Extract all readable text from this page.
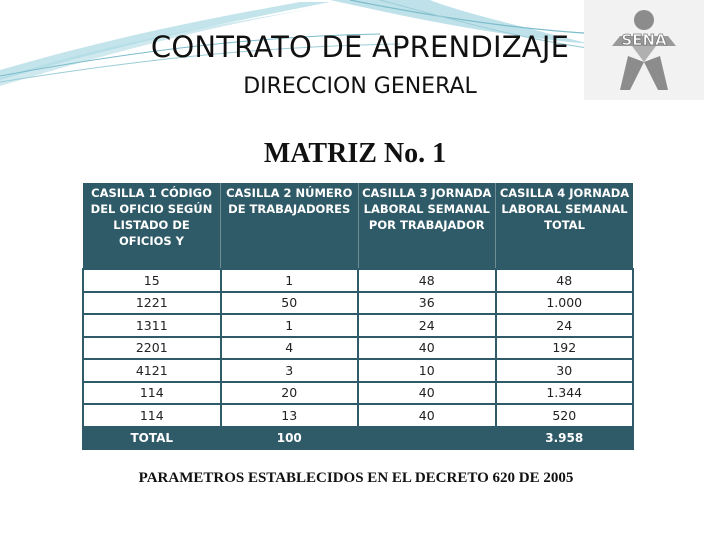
CONTRATO DE APRENDIZAJE
DIRECCION GENERAL
SENA
MATRIZ No. 1
CASILLA 1 CÓDIGO DEL OFICIO SEGÚN LISTADO DE OFICIOS Y	CASILLA 2 NÚMERO DE TRABAJADORES	CASILLA 3 JORNADA LABORAL SEMANAL POR TRABAJADOR	CASILLA 4 JORNADA LABORAL SEMANAL TOTAL

15	1	48	48
1221	50	36	1.000
1311	1	24	24
2201	4	40	192
4121	3	10	30
114	20	40	1.344
114	13	40	520
TOTAL	100		3.958
PARAMETROS ESTABLECIDOS EN EL DECRETO 620 DE 2005
